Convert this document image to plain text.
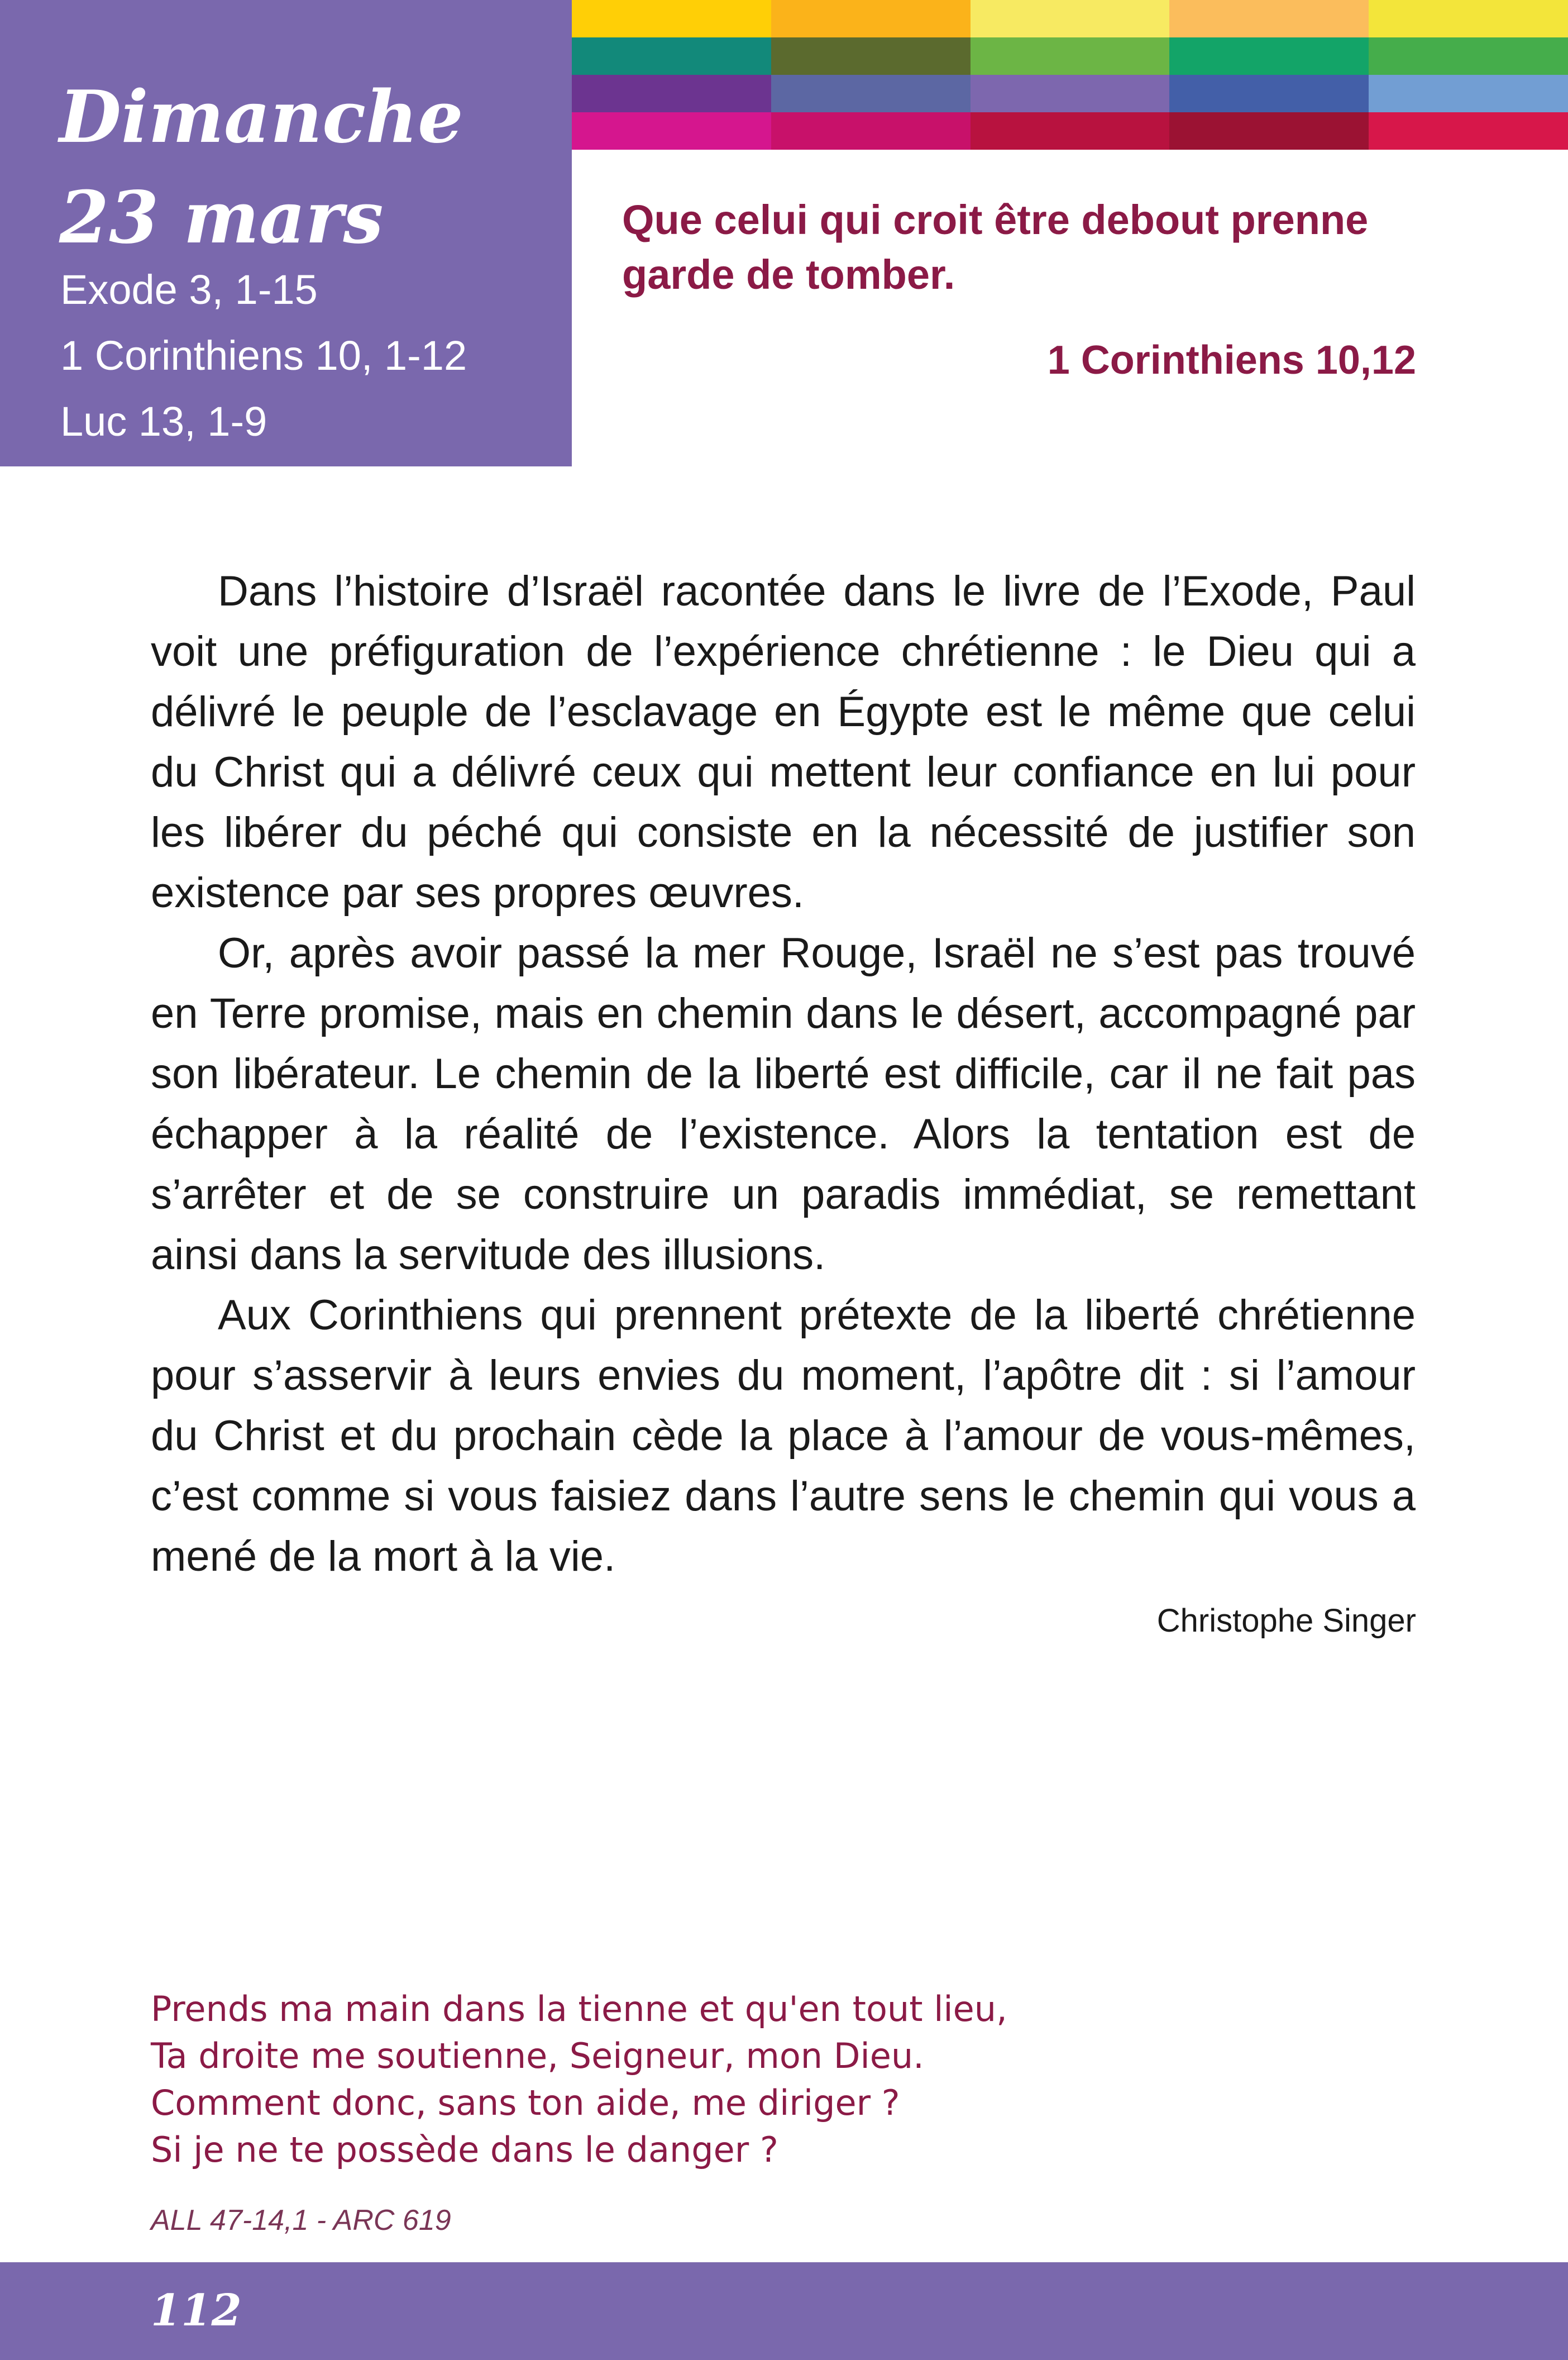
Dimanche
23 mars
Exode 3, 1-15
1 Corinthiens 10, 1-12
Luc 13, 1-9
Que celui qui croit être debout prenne garde de tomber.
1 Corinthiens 10,12

Dans l’histoire d’Israël racontée dans le livre de l’Exode, Paul voit une préfiguration de l’expérience chrétienne : le Dieu qui a délivré le peuple de l’esclavage en Égypte est le même que celui du Christ qui a délivré ceux qui mettent leur confiance en lui pour les libérer du péché qui consiste en la nécessité de justifier son existence par ses propres œuvres.

Or, après avoir passé la mer Rouge, Israël ne s’est pas trouvé en Terre promise, mais en chemin dans le désert, accompagné par son libérateur. Le chemin de la liberté est difficile, car il ne fait pas échapper à la réalité de l’existence. Alors la tentation est de s’arrêter et de se construire un paradis immédiat, se remettant ainsi dans la servitude des illusions.

Aux Corinthiens qui prennent prétexte de la liberté chrétienne pour s’asservir à leurs envies du moment, l’apôtre dit : si l’amour du Christ et du prochain cède la place à l’amour de vous-mêmes, c’est comme si vous faisiez dans l’autre sens le chemin qui vous a mené de la mort à la vie.

Christophe Singer
Prends ma main dans la tienne et qu'en tout lieu,
Ta droite me soutienne, Seigneur, mon Dieu.
Comment donc, sans ton aide, me diriger ?
Si je ne te possède dans le danger ?
ALL 47-14,1 - ARC 619
112
